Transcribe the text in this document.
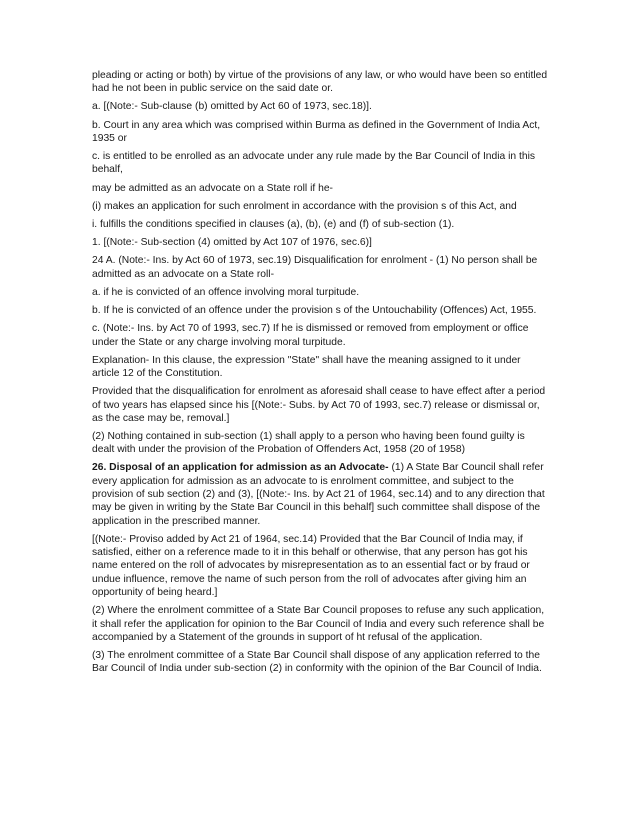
pleading or acting or both) by virtue of the provisions of any law, or who would have been so entitled had he not been in public service on the said date or.

a. [(Note:- Sub-clause (b) omitted by Act 60 of 1973, sec.18)].

b. Court in any area which was comprised within Burma as defined in the Government of India Act, 1935 or

c. is entitled to be enrolled as an advocate under any rule made by the Bar Council of India in this behalf,

may be admitted as an advocate on a State roll if he-

(i) makes an application for such enrolment in accordance with the provision s of this Act, and

i. fulfills the conditions specified in clauses (a), (b), (e) and (f) of sub-section (1).

1. [(Note:- Sub-section (4) omitted by Act 107 of 1976, sec.6)]

24 A. (Note:- Ins. by Act 60 of 1973, sec.19) Disqualification for enrolment - (1) No person shall be admitted as an advocate on a State roll-

a. if he is convicted of an offence involving moral turpitude.

b. If he is convicted of an offence under the provision s of the Untouchability (Offences) Act, 1955.

c. (Note:- Ins. by Act 70 of 1993, sec.7) If he is dismissed or removed from employment or office under the State or any charge involving moral turpitude.

Explanation- In this clause, the expression "State" shall have the meaning assigned to it under article 12 of the Constitution.

Provided that the disqualification for enrolment as aforesaid shall cease to have effect after a period of two years has elapsed since his [(Note:- Subs. by Act 70 of 1993, sec.7) release or dismissal or, as the case may be, removal.]

(2) Nothing contained in sub-section (1) shall apply to a person who having been found guilty is dealt with under the provision of the Probation of Offenders Act, 1958 (20 of 1958)

26. Disposal of an application for admission as an Advocate- (1) A State Bar Council shall refer every application for admission as an advocate to is enrolment committee, and subject to the provision of sub section (2) and (3), [(Note:- Ins. by Act 21 of 1964, sec.14) and to any direction that may be given in writing by the State Bar Council in this behalf] such committee shall dispose of the application in the prescribed manner.

[(Note:- Proviso added by Act 21 of 1964, sec.14) Provided that the Bar Council of India may, if satisfied, either on a reference made to it in this behalf or otherwise, that any person has got his name entered on the roll of advocates by misrepresentation as to an essential fact or by fraud or undue influence, remove the name of such person from the roll of advocates after giving him an opportunity of being heard.]

(2) Where the enrolment committee of a State Bar Council proposes to refuse any such application, it shall refer the application for opinion to the Bar Council of India and every such reference shall be accompanied by a Statement of the grounds in support of ht refusal of the application.

(3) The enrolment committee of a State Bar Council shall dispose of any application referred to the Bar Council of India under sub-section (2) in conformity with the opinion of the Bar Council of India.
